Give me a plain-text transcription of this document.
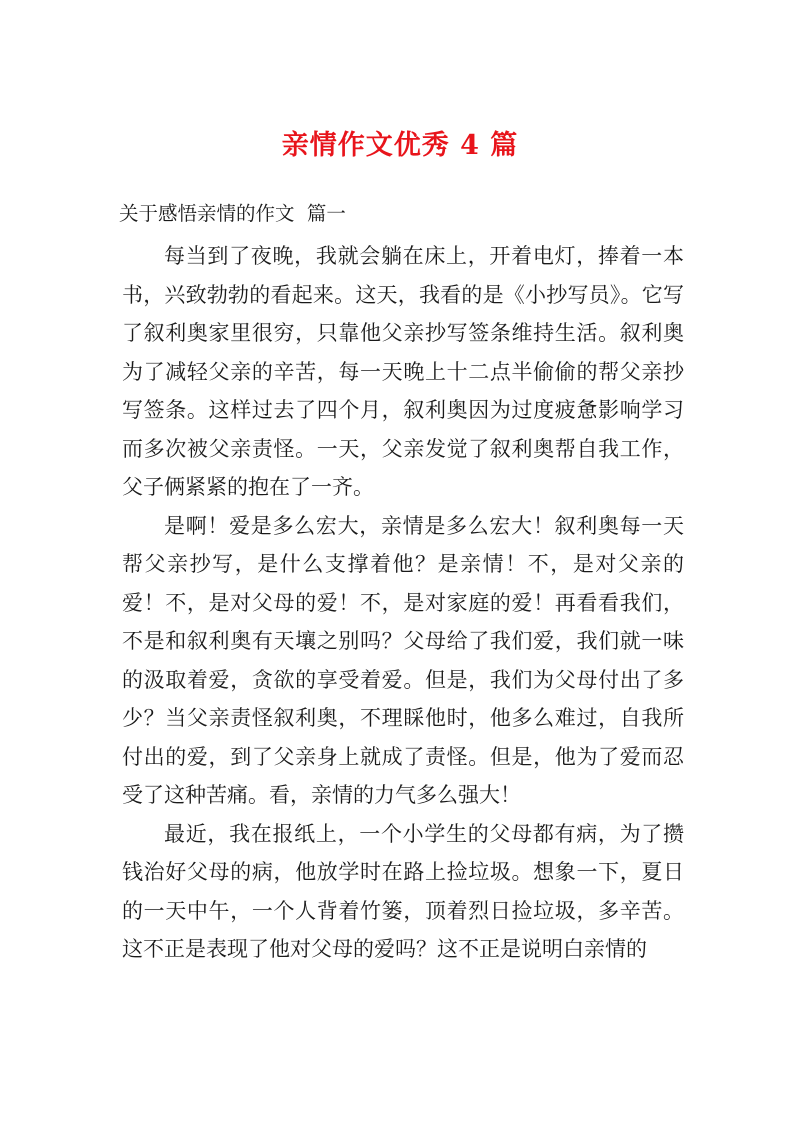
亲情作文优秀 4 篇
关于感悟亲情的作文  篇一

每当到了夜晚，我就会躺在床上，开着电灯，捧着一本书，兴致勃勃的看起来。这天，我看的是《小抄写员》。它写了叙利奥家里很穷，只靠他父亲抄写签条维持生活。叙利奥为了减轻父亲的辛苦，每一天晚上十二点半偷偷的帮父亲抄写签条。这样过去了四个月，叙利奥因为过度疲惫影响学习而多次被父亲责怪。一天，父亲发觉了叙利奥帮自我工作，父子俩紧紧的抱在了一齐。

是啊！爱是多么宏大，亲情是多么宏大！叙利奥每一天帮父亲抄写，是什么支撑着他？是亲情！不，是对父亲的爱！不，是对父母的爱！不，是对家庭的爱！再看看我们，不是和叙利奥有天壤之别吗？父母给了我们爱，我们就一味的汲取着爱，贪欲的享受着爱。但是，我们为父母付出了多少？当父亲责怪叙利奥，不理睬他时，他多么难过，自我所付出的爱，到了父亲身上就成了责怪。但是，他为了爱而忍受了这种苦痛。看，亲情的力气多么强大！

最近，我在报纸上，一个小学生的父母都有病，为了攒钱治好父母的病，他放学时在路上捡垃圾。想象一下，夏日的一天中午，一个人背着竹篓，顶着烈日捡垃圾，多辛苦。这不正是表现了他对父母的爱吗？这不正是说明白亲情的
